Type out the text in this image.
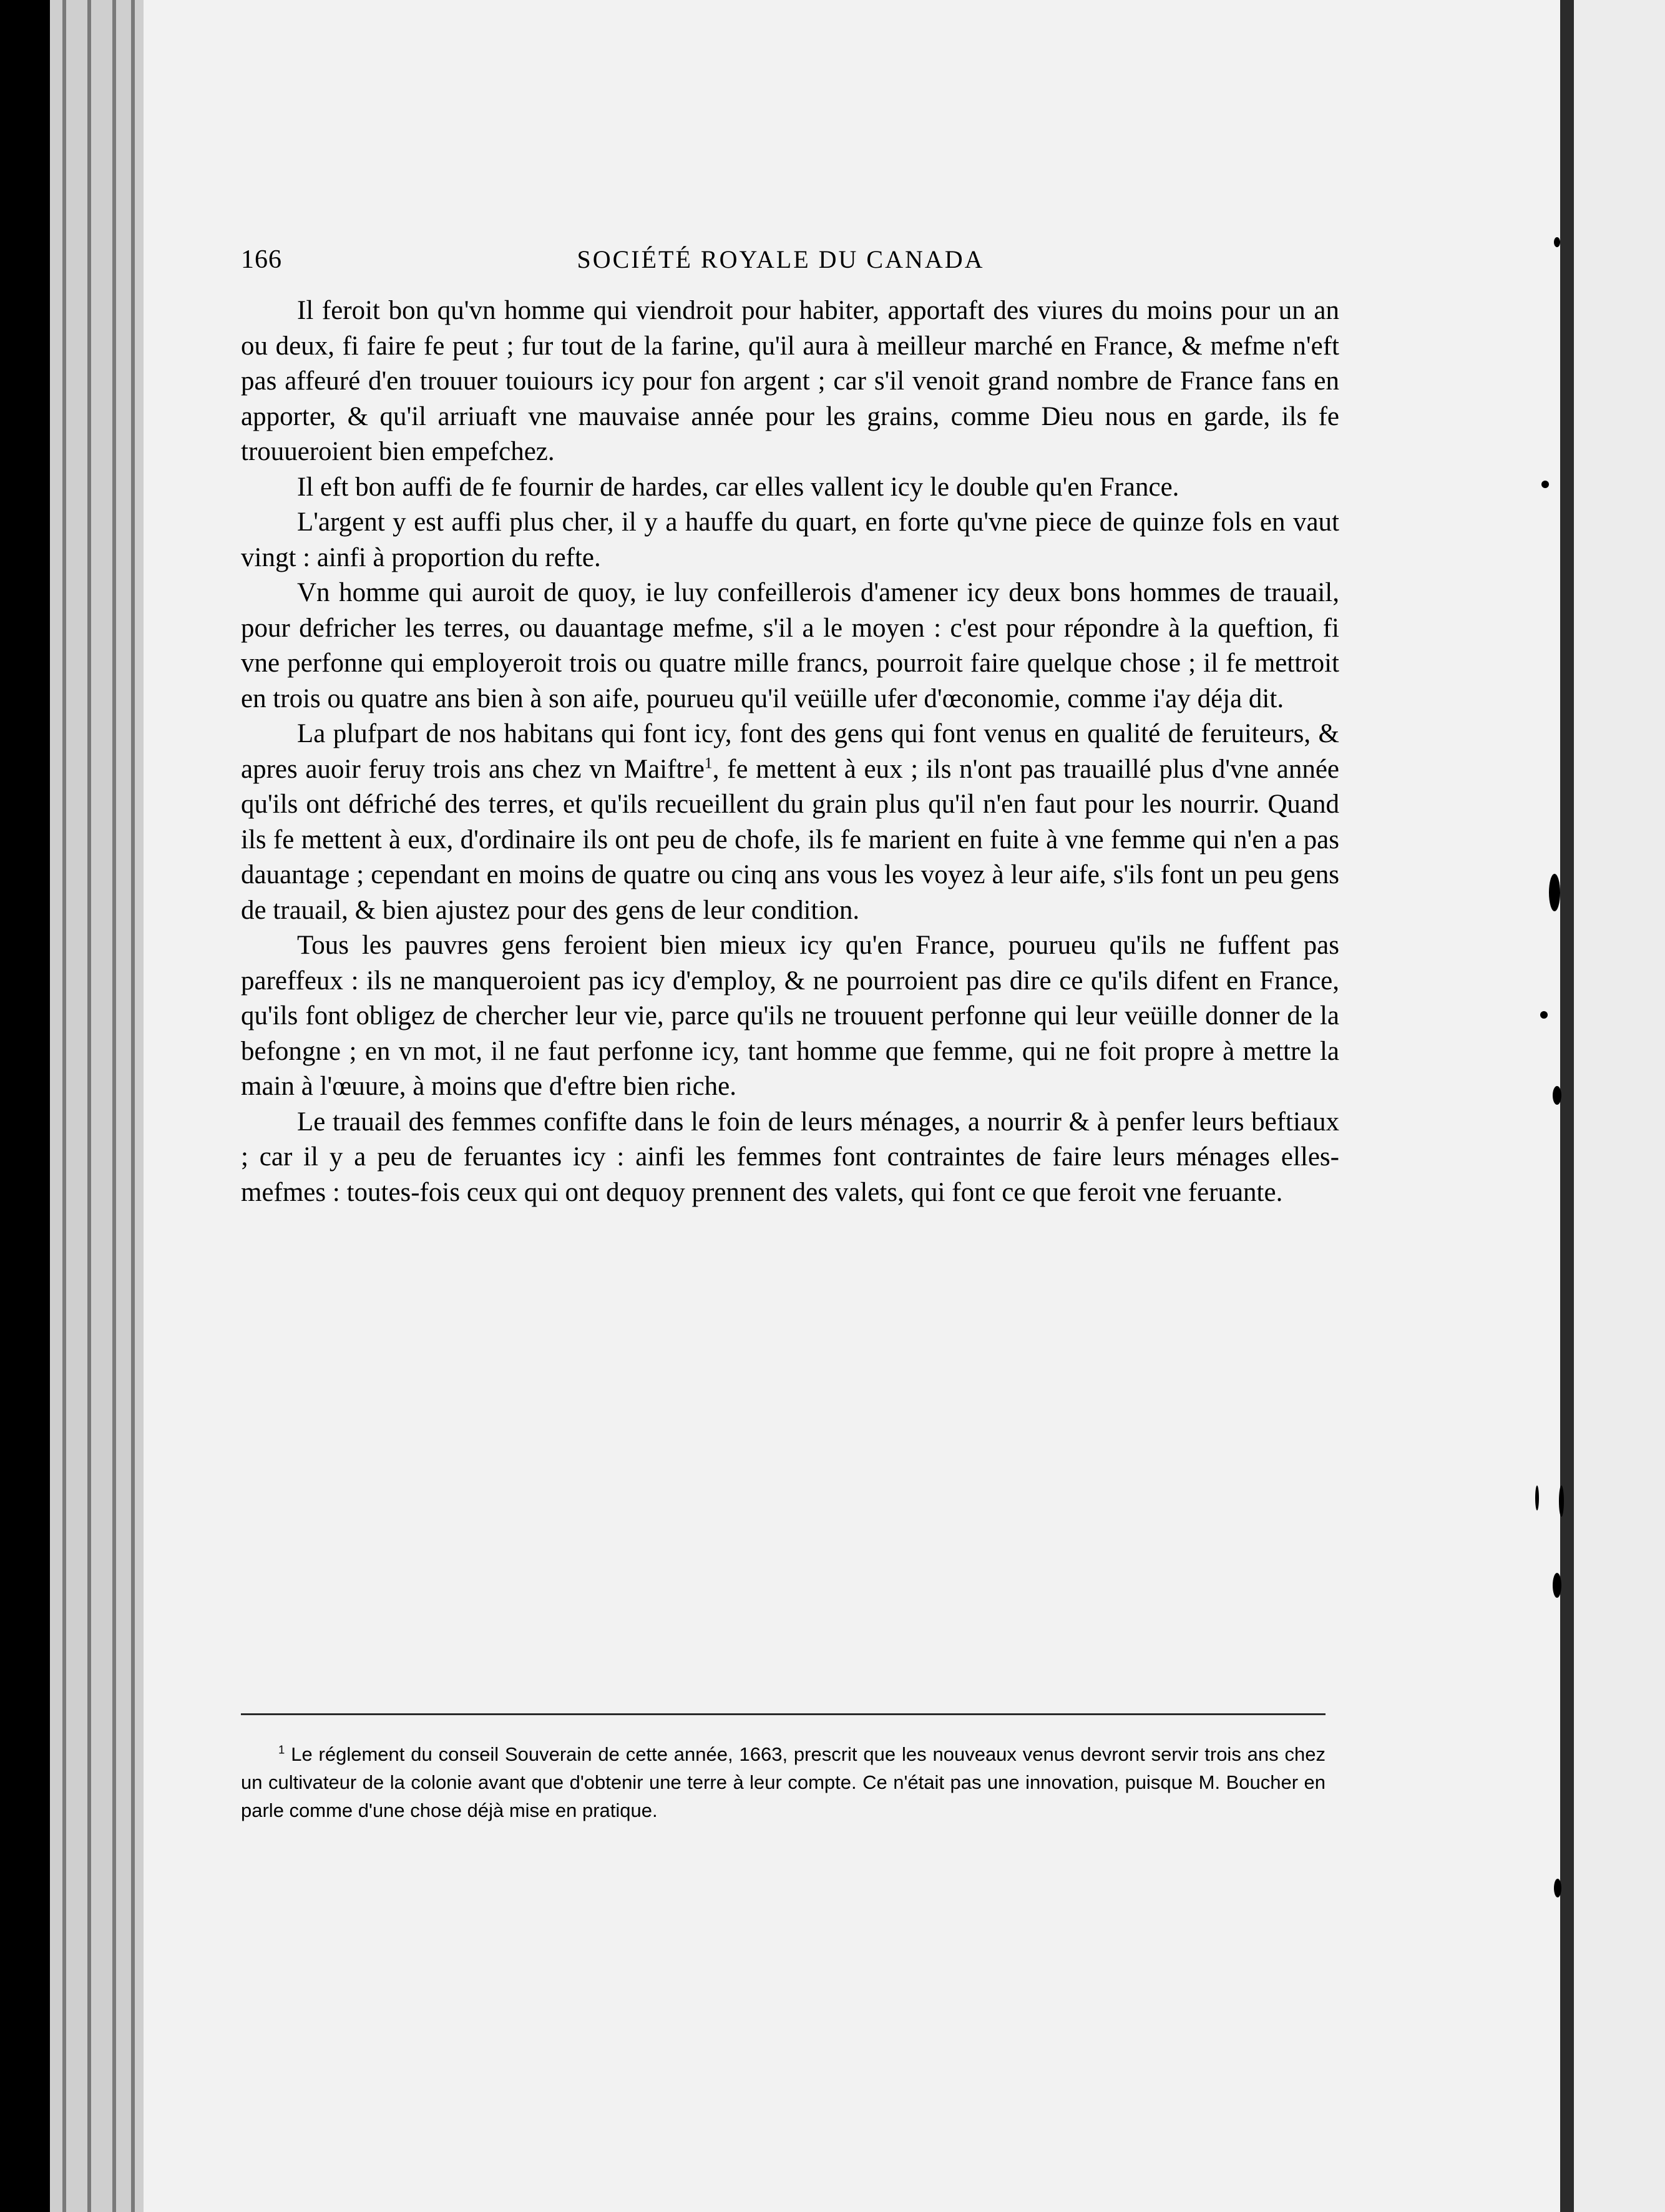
166	SOCIÉTÉ ROYALE DU CANADA

Il feroit bon qu'vn homme qui viendroit pour habiter, apportaft des viures du moins pour un an ou deux, fi faire fe peut ; fur tout de la farine, qu'il aura à meilleur marché en France, & mefme n'eft pas affeuré d'en trouuer touiours icy pour fon argent ; car s'il venoit grand nombre de France fans en apporter, & qu'il arriuaft vne mauvaise année pour les grains, comme Dieu nous en garde, ils fe trouueroient bien empefchez.

Il eft bon auffi de fe fournir de hardes, car elles vallent icy le double qu'en France.

L'argent y est auffi plus cher, il y a hauffe du quart, en forte qu'vne piece de quinze fols en vaut vingt : ainfi à proportion du refte.

Vn homme qui auroit de quoy, ie luy confeillerois d'amener icy deux bons hommes de trauail, pour defricher les terres, ou dauantage mefme, s'il a le moyen : c'est pour répondre à la queftion, fi vne perfonne qui employeroit trois ou quatre mille francs, pourroit faire quelque chose ; il fe mettroit en trois ou quatre ans bien à son aife, pourueu qu'il veüille ufer d'œconomie, comme i'ay déja dit.

La plufpart de nos habitans qui font icy, font des gens qui font venus en qualité de feruiteurs, & apres auoir feruy trois ans chez vn Maiftre$^1$, fe mettent à eux ; ils n'ont pas trauaillé plus d'vne année qu'ils ont défriché des terres, et qu'ils recueillent du grain plus qu'il n'en faut pour les nourrir. Quand ils fe mettent à eux, d'ordinaire ils ont peu de chofe, ils fe marient en fuite à vne femme qui n'en a pas dauantage ; cependant en moins de quatre ou cinq ans vous les voyez à leur aife, s'ils font un peu gens de trauail, & bien ajustez pour des gens de leur condition.

Tous les pauvres gens feroient bien mieux icy qu'en France, pourueu qu'ils ne fuffent pas pareffeux : ils ne manqueroient pas icy d'employ, & ne pourroient pas dire ce qu'ils difent en France, qu'ils font obligez de chercher leur vie, parce qu'ils ne trouuent perfonne qui leur veüille donner de la befongne ; en vn mot, il ne faut perfonne icy, tant homme que femme, qui ne foit propre à mettre la main à l'œuure, à moins que d'eftre bien riche.

Le trauail des femmes confifte dans le foin de leurs ménages, a nourrir & à penfer leurs beftiaux ; car il y a peu de feruantes icy : ainfi les femmes font contraintes de faire leurs ménages elles-mefmes : toutes-fois ceux qui ont dequoy prennent des valets, qui font ce que feroit vne feruante.

$^1$ Le réglement du conseil Souverain de cette année, 1663, prescrit que les nouveaux venus devront servir trois ans chez un cultivateur de la colonie avant que d'obtenir une terre à leur compte. Ce n'était pas une innovation, puisque M. Boucher en parle comme d'une chose déjà mise en pratique.
